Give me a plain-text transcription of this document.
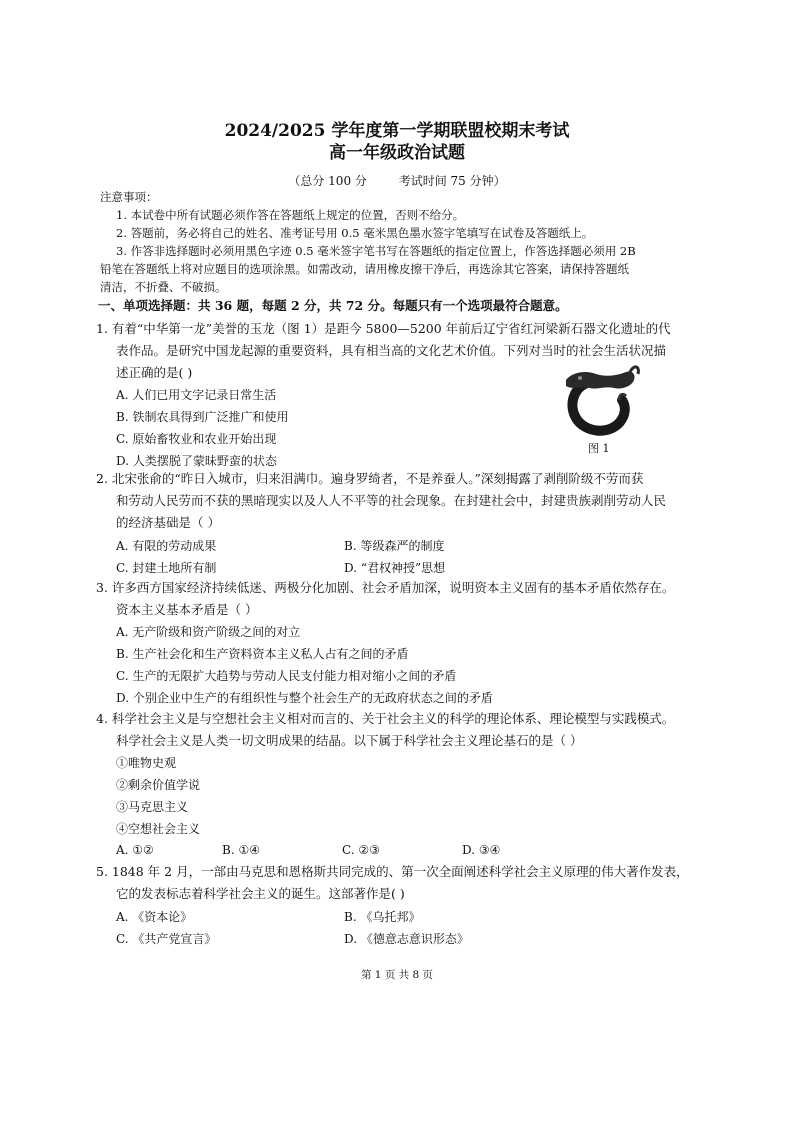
2024/2025 学年度第一学期联盟校期末考试
高一年级政治试题
（总分 100 分	考试时间 75 分钟）
注意事项：
1. 本试卷中所有试题必须作答在答题纸上规定的位置，否则不给分。
2. 答题前，务必将自己的姓名、准考证号用 0.5 毫米黑色墨水签字笔填写在试卷及答题纸上。
3. 作答非选择题时必须用黑色字迹 0.5 毫米签字笔书写在答题纸的指定位置上，作答选择题必须用 2B
铅笔在答题纸上将对应题目的选项涂黑。如需改动，请用橡皮擦干净后，再选涂其它答案，请保持答题纸
清洁，不折叠、不破损。
一、单项选择题：共 36 题，每题 2 分，共 72 分。每题只有一个选项最符合题意。
1. 有着“中华第一龙”美誉的玉龙（图 1）是距今 5800—5200 年前后辽宁省红河梁新石器文化遗址的代
表作品。是研究中国龙起源的重要资料，具有相当高的文化艺术价值。下列对当时的社会生活状况描
述正确的是( )
A. 人们已用文字记录日常生活
B. 铁制农具得到广泛推广和使用
C. 原始畜牧业和农业开始出现
D. 人类摆脱了蒙昧野蛮的状态
图 1
2. 北宋张俞的“昨日入城市，归来泪满巾。遍身罗绮者，不是养蚕人。”深刻揭露了剥削阶级不劳而获
和劳动人民劳而不获的黑暗现实以及人人不平等的社会现象。在封建社会中，封建贵族剥削劳动人民
的经济基础是（ ）
A. 有限的劳动成果	B. 等级森严的制度
C. 封建土地所有制	D. “君权神授”思想
3. 许多西方国家经济持续低迷、两极分化加剧、社会矛盾加深，说明资本主义固有的基本矛盾依然存在。
资本主义基本矛盾是（ ）
A. 无产阶级和资产阶级之间的对立
B. 生产社会化和生产资料资本主义私人占有之间的矛盾
C. 生产的无限扩大趋势与劳动人民支付能力相对缩小之间的矛盾
D. 个别企业中生产的有组织性与整个社会生产的无政府状态之间的矛盾
4. 科学社会主义是与空想社会主义相对而言的、关于社会主义的科学的理论体系、理论模型与实践模式。
科学社会主义是人类一切文明成果的结晶。以下属于科学社会主义理论基石的是（ ）
①唯物史观
②剩余价值学说
③马克思主义
④空想社会主义
A. ①②	B. ①④	C. ②③	D. ③④
5. 1848 年 2 月，一部由马克思和恩格斯共同完成的、第一次全面阐述科学社会主义原理的伟大著作发表，
它的发表标志着科学社会主义的诞生。这部著作是( )
A. 《资本论》	B. 《乌托邦》
C. 《共产党宣言》	D. 《德意志意识形态》
第 1 页 共 8 页
